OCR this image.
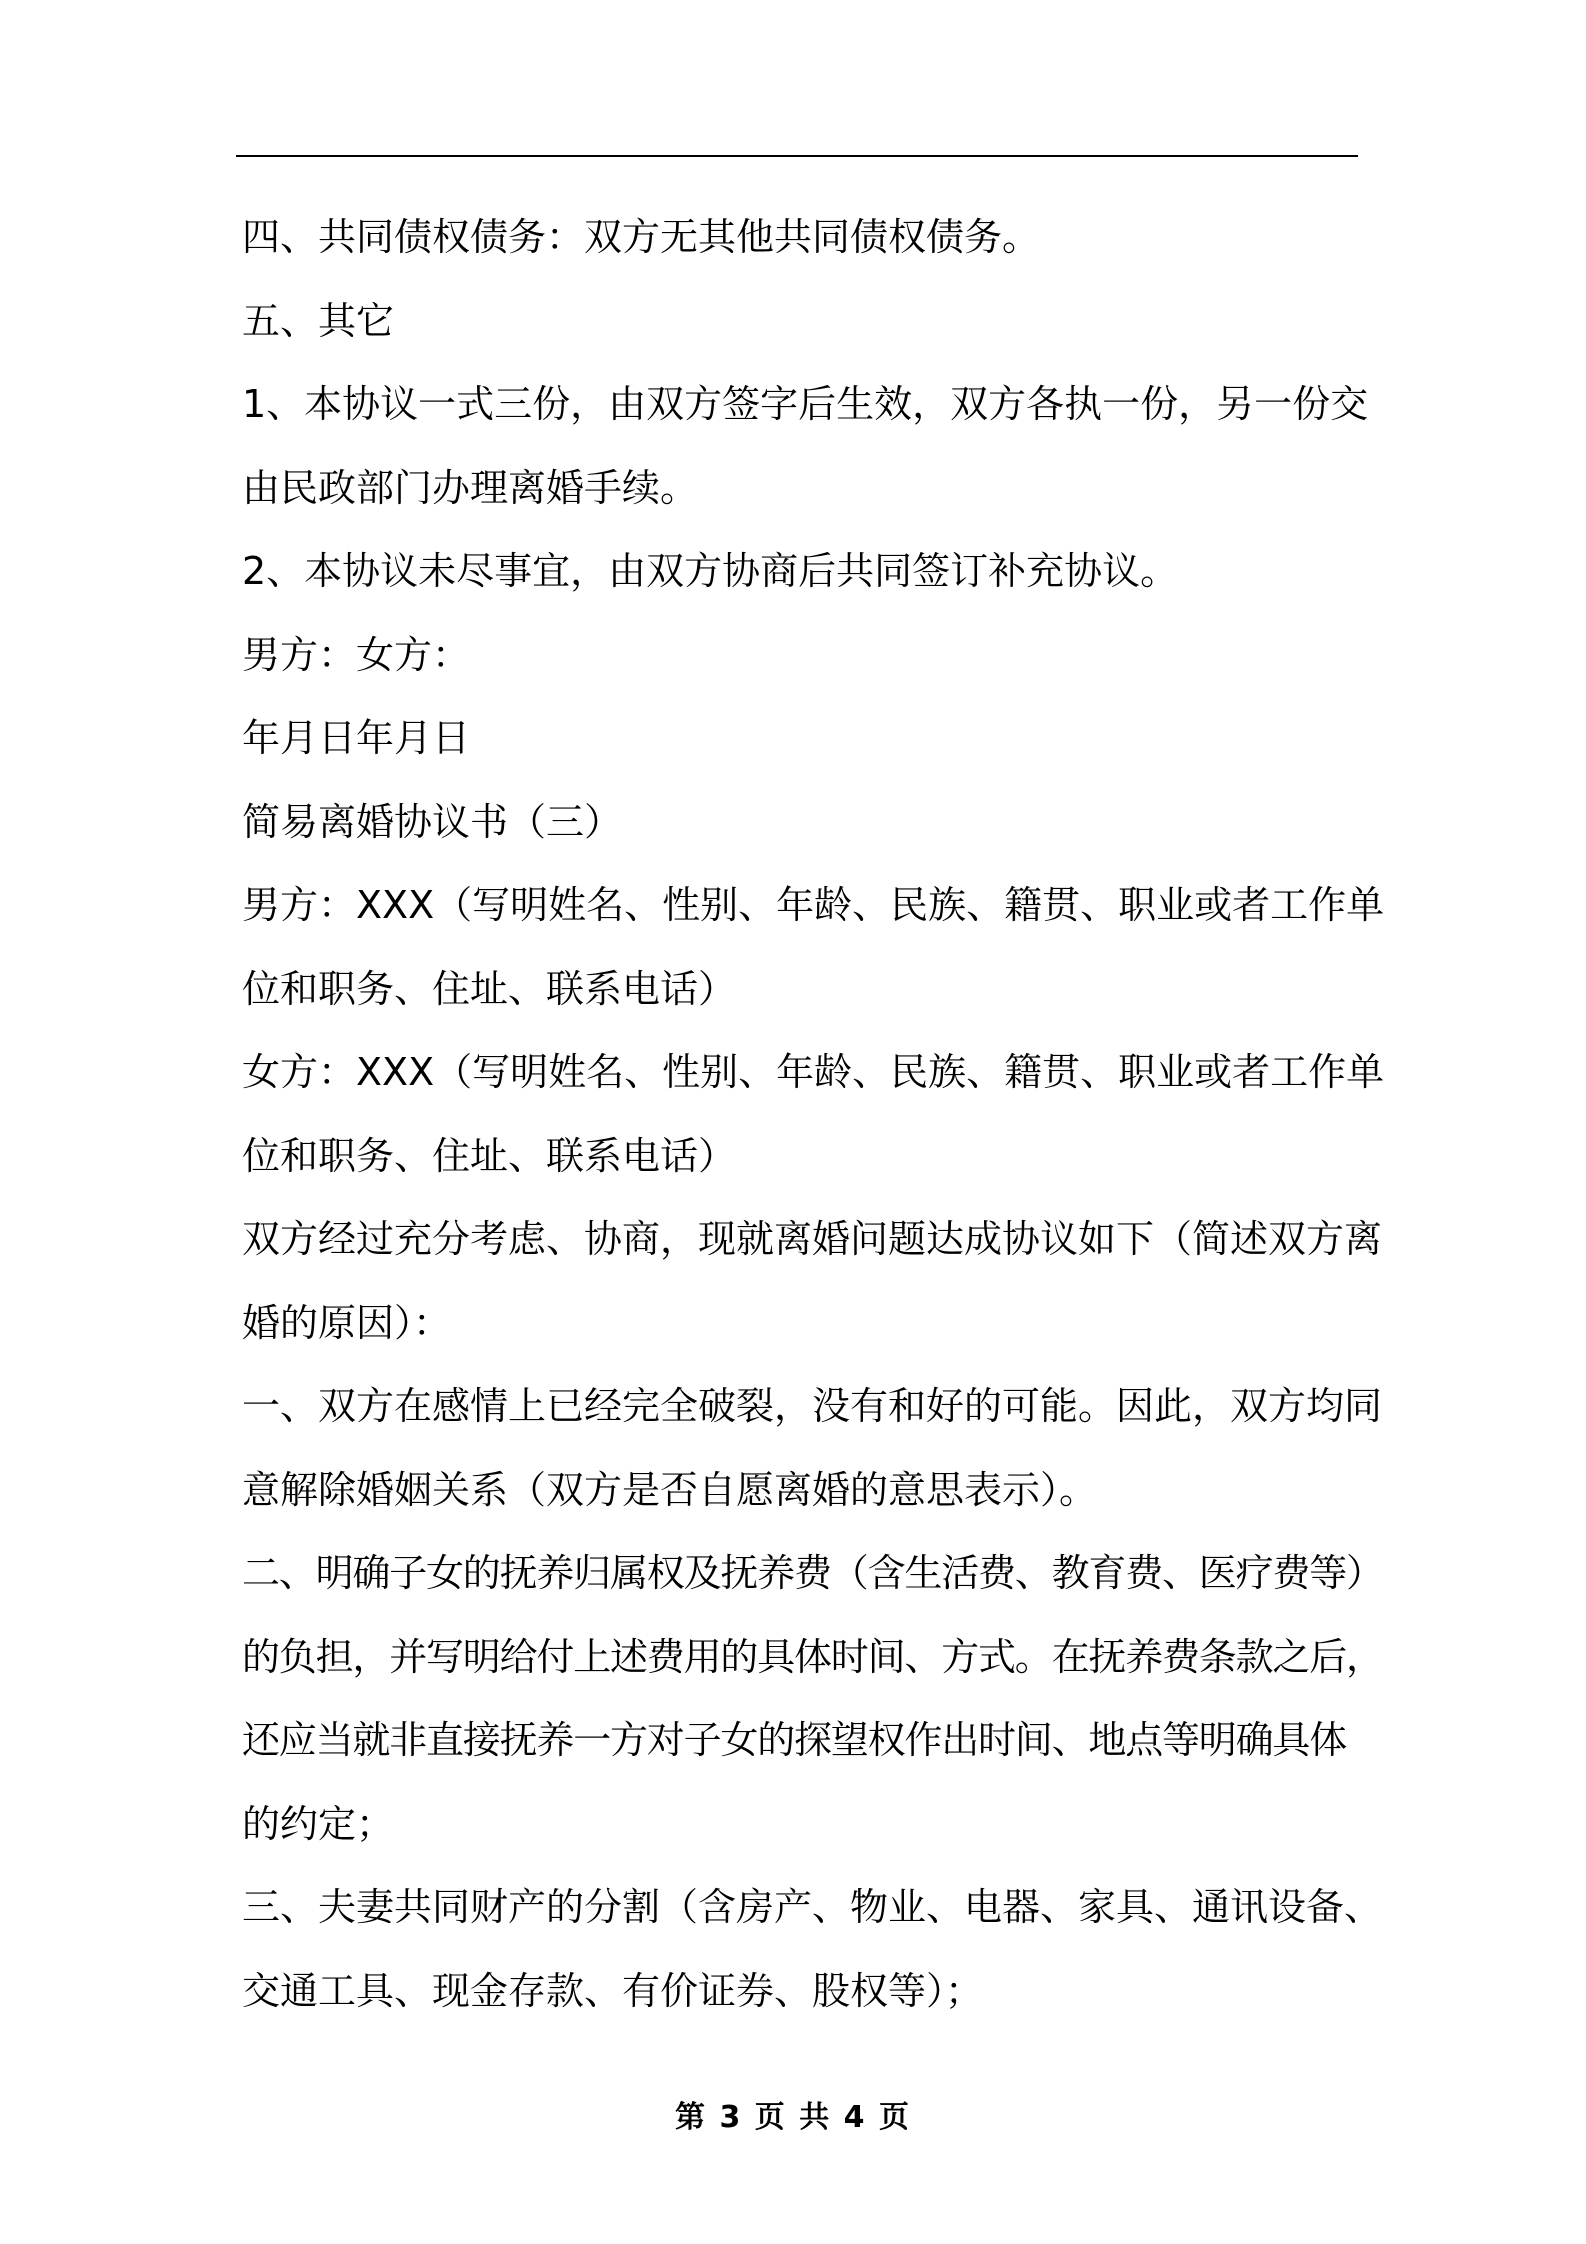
四、共同债权债务：双方无其他共同债权债务。
五、其它
1、本协议一式三份，由双方签字后生效，双方各执一份，另一份交
由民政部门办理离婚手续。
2、本协议未尽事宜，由双方协商后共同签订补充协议。
男方：女方：
年月日年月日
简易离婚协议书（三）
男方：XXX（写明姓名、性别、年龄、民族、籍贯、职业或者工作单
位和职务、住址、联系电话）
女方：XXX（写明姓名、性别、年龄、民族、籍贯、职业或者工作单
位和职务、住址、联系电话）
双方经过充分考虑、协商，现就离婚问题达成协议如下（简述双方离
婚的原因）：
一、双方在感情上已经完全破裂，没有和好的可能。因此，双方均同
意解除婚姻关系（双方是否自愿离婚的意思表示）。
二、明确子女的抚养归属权及抚养费（含生活费、教育费、医疗费等）
的负担，并写明给付上述费用的具体时间、方式。在抚养费条款之后，
还应当就非直接抚养一方对子女的探望权作出时间、地点等明确具体
的约定；
三、夫妻共同财产的分割（含房产、物业、电器、家具、通讯设备、
交通工具、现金存款、有价证券、股权等）；
第 3 页 共 4 页
